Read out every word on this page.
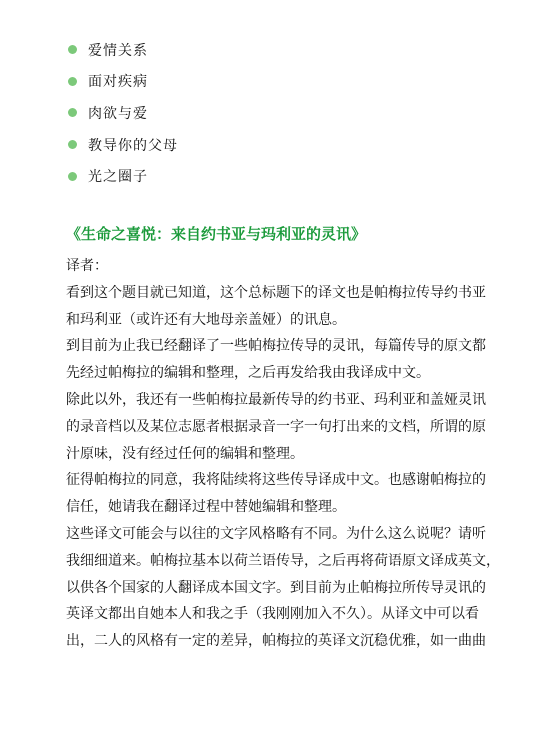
爱情关系
面对疾病
肉欲与爱
教导你的父母
光之圈子
《生命之喜悦：来自约书亚与玛利亚的灵讯》
译者：
看到这个题目就已知道，这个总标题下的译文也是帕梅拉传导约书亚
和玛利亚（或许还有大地母亲盖娅）的讯息。
到目前为止我已经翻译了一些帕梅拉传导的灵讯，每篇传导的原文都
先经过帕梅拉的编辑和整理，之后再发给我由我译成中文。
除此以外，我还有一些帕梅拉最新传导的约书亚、玛利亚和盖娅灵讯
的录音档以及某位志愿者根据录音一字一句打出来的文档，所谓的原
汁原味，没有经过任何的编辑和整理。
征得帕梅拉的同意，我将陆续将这些传导译成中文。也感谢帕梅拉的
信任，她请我在翻译过程中替她编辑和整理。
这些译文可能会与以往的文字风格略有不同。为什么这么说呢？请听
我细细道来。帕梅拉基本以荷兰语传导，之后再将荷语原文译成英文，
以供各个国家的人翻译成本国文字。到目前为止帕梅拉所传导灵讯的
英译文都出自她本人和我之手（我刚刚加入不久）。从译文中可以看
出，二人的风格有一定的差异，帕梅拉的英译文沉稳优雅，如一曲曲
